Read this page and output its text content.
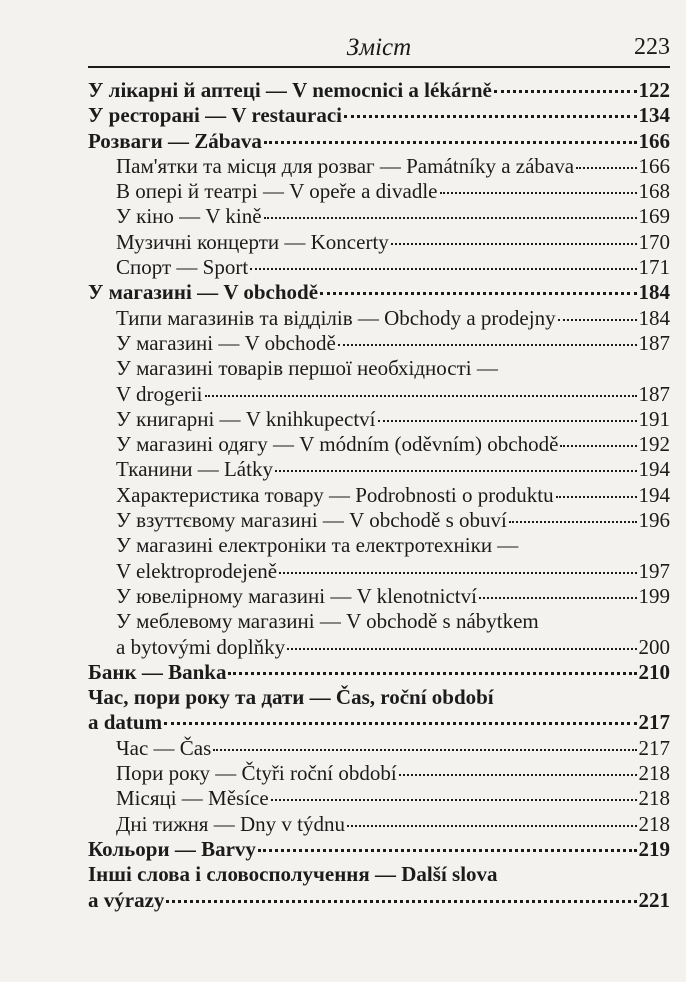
Зміст	223
У лікарні й аптеці — V nemocnici a lékárně	122
У ресторані — V restauraci	134
Розваги — Zábava	166
Пам'ятки та місця для розваг — Památníky a zábava	166
В опері й театрі — V opeře a divadle	168
У кіно — V kině	169
Музичні концерти — Koncerty	170
Спорт — Sport	171
У магазині — V obchodě	184
Типи магазинів та відділів — Obchody a prodejny	184
У магазині — V obchodě	187
У магазині товарів першої необхідності —
V drogerii	187
У книгарні — V knihkupectví	191
У магазині одягу — V módním (oděvním) obchodě	192
Тканини — Látky	194
Характеристика товару — Podrobnosti o produktu	194
У взуттєвому магазині — V obchodě s obuví	196
У магазині електроніки та електротехніки —
V elektroprodejeně	197
У ювелірному магазині — V klenotnictví	199
У меблевому магазині — V obchodě s nábytkem
a bytovými doplňky	200
Банк — Banka	210
Час, пори року та дати — Čas, roční období
a datum	217
Час — Čas	217
Пори року — Čtyři roční období	218
Місяці — Měsíce	218
Дні тижня — Dny v týdnu	218
Кольори — Barvy	219
Інші слова і словосполучення — Další slova
a výrazy	221
